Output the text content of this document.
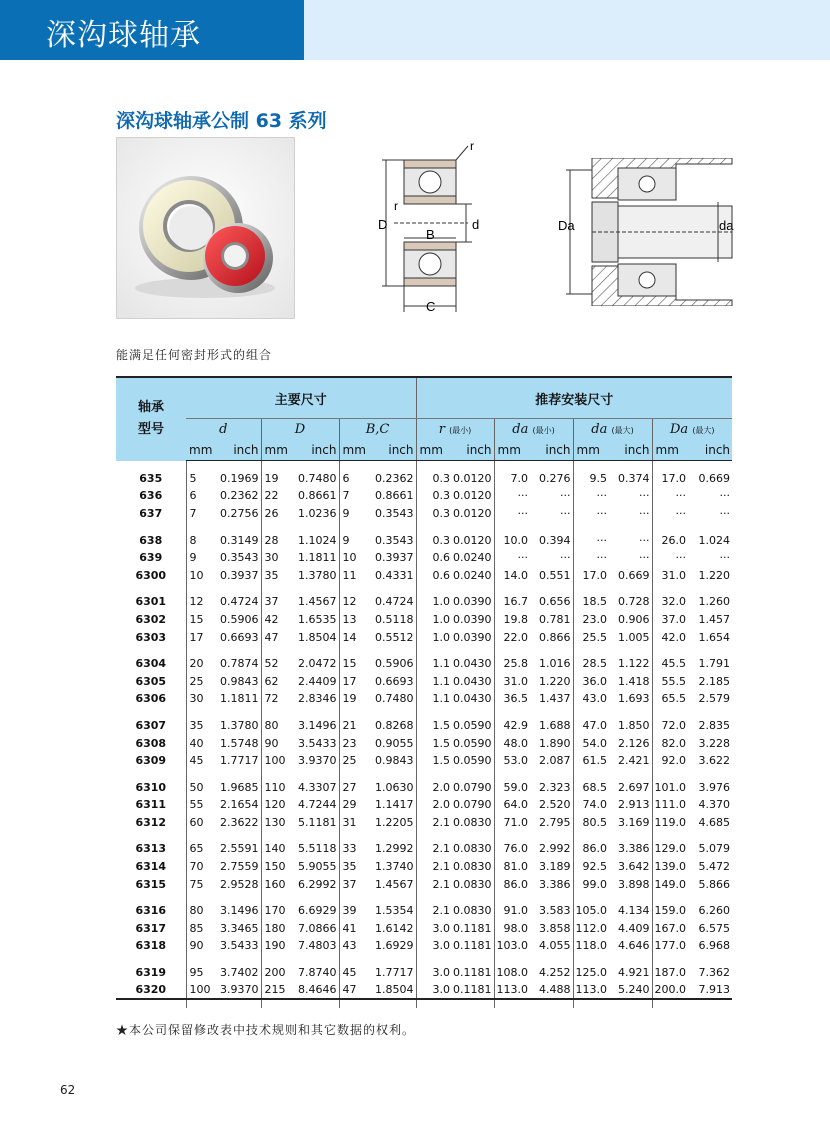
深沟球轴承
深沟球轴承公制 63 系列
r
r
D
B
d
C
Da	da
能满足任何密封形式的组合
轴承
型号	主要尺寸						推荐安装尺寸							
	d		D		B,C		r (最小)		da (最小)		da (最大)		Da (最大)	
	mm	inch	mm	inch	mm	inch	mm	inch	mm	inch	mm	inch	mm	inch

635	5	0.1969	19	0.7480	6	0.2362	0.3	0.0120	7.0	0.276	9.5	0.374	17.0	0.669
636	6	0.2362	22	0.8661	7	0.8661	0.3	0.0120	···	···	···	···	···	···
637	7	0.2756	26	1.0236	9	0.3543	0.3	0.0120	···	···	···	···	···	···

638	8	0.3149	28	1.1024	9	0.3543	0.3	0.0120	10.0	0.394	···	···	26.0	1.024
639	9	0.3543	30	1.1811	10	0.3937	0.6	0.0240	···	···	···	···	···	···
6300	10	0.3937	35	1.3780	11	0.4331	0.6	0.0240	14.0	0.551	17.0	0.669	31.0	1.220

6301	12	0.4724	37	1.4567	12	0.4724	1.0	0.0390	16.7	0.656	18.5	0.728	32.0	1.260
6302	15	0.5906	42	1.6535	13	0.5118	1.0	0.0390	19.8	0.781	23.0	0.906	37.0	1.457
6303	17	0.6693	47	1.8504	14	0.5512	1.0	0.0390	22.0	0.866	25.5	1.005	42.0	1.654

6304	20	0.7874	52	2.0472	15	0.5906	1.1	0.0430	25.8	1.016	28.5	1.122	45.5	1.791
6305	25	0.9843	62	2.4409	17	0.6693	1.1	0.0430	31.0	1.220	36.0	1.418	55.5	2.185
6306	30	1.1811	72	2.8346	19	0.7480	1.1	0.0430	36.5	1.437	43.0	1.693	65.5	2.579

6307	35	1.3780	80	3.1496	21	0.8268	1.5	0.0590	42.9	1.688	47.0	1.850	72.0	2.835
6308	40	1.5748	90	3.5433	23	0.9055	1.5	0.0590	48.0	1.890	54.0	2.126	82.0	3.228
6309	45	1.7717	100	3.9370	25	0.9843	1.5	0.0590	53.0	2.087	61.5	2.421	92.0	3.622

6310	50	1.9685	110	4.3307	27	1.0630	2.0	0.0790	59.0	2.323	68.5	2.697	101.0	3.976
6311	55	2.1654	120	4.7244	29	1.1417	2.0	0.0790	64.0	2.520	74.0	2.913	111.0	4.370
6312	60	2.3622	130	5.1181	31	1.2205	2.1	0.0830	71.0	2.795	80.5	3.169	119.0	4.685

6313	65	2.5591	140	5.5118	33	1.2992	2.1	0.0830	76.0	2.992	86.0	3.386	129.0	5.079
6314	70	2.7559	150	5.9055	35	1.3740	2.1	0.0830	81.0	3.189	92.5	3.642	139.0	5.472
6315	75	2.9528	160	6.2992	37	1.4567	2.1	0.0830	86.0	3.386	99.0	3.898	149.0	5.866

6316	80	3.1496	170	6.6929	39	1.5354	2.1	0.0830	91.0	3.583	105.0	4.134	159.0	6.260
6317	85	3.3465	180	7.0866	41	1.6142	3.0	0.1181	98.0	3.858	112.0	4.409	167.0	6.575
6318	90	3.5433	190	7.4803	43	1.6929	3.0	0.1181	103.0	4.055	118.0	4.646	177.0	6.968

6319	95	3.7402	200	7.8740	45	1.7717	3.0	0.1181	108.0	4.252	125.0	4.921	187.0	7.362
6320	100	3.9370	215	8.4646	47	1.8504	3.0	0.1181	113.0	4.488	113.0	5.240	200.0	7.913

★本公司保留修改表中技术规则和其它数据的权利。
62
